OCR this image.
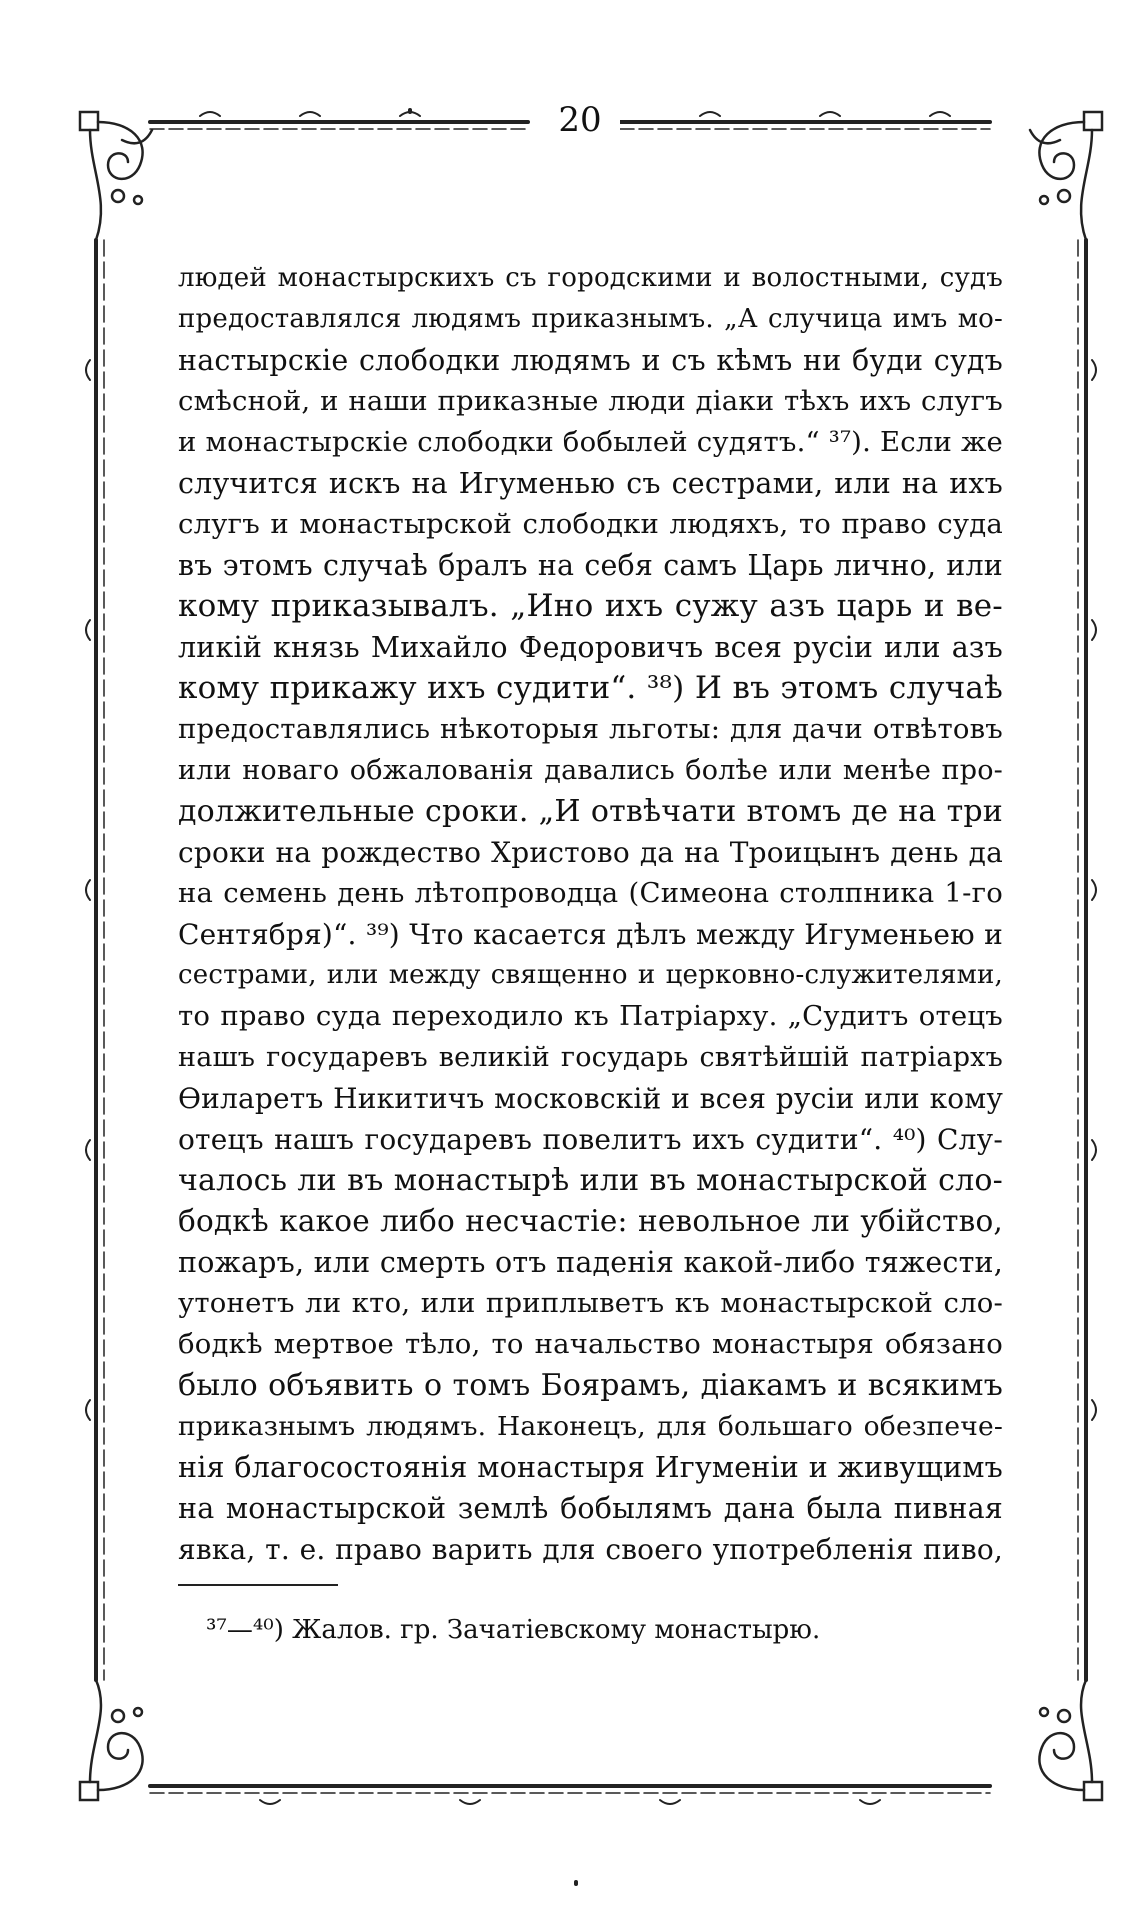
20
людей монастырскихъ съ городскими и волостными, судъ
предоставлялся людямъ приказнымъ. „А случица имъ мо-
настырскіе слободки людямъ и съ кѣмъ ни буди судъ
смѣсной, и наши приказные люди діаки тѣхъ ихъ слугъ
и монастырскіе слободки бобылей судятъ.“ ³⁷). Если же
случится искъ на Игуменью съ сестрами, или на ихъ
слугъ и монастырской слободки людяхъ, то право суда
въ этомъ случаѣ бралъ на себя самъ Царь лично, или
кому приказывалъ. „Ино ихъ сужу азъ царь и ве-
ликій князь Михайло Федоровичъ всея русіи или азъ
кому прикажу ихъ судити“. ³⁸) И въ этомъ случаѣ
предоставлялись нѣкоторыя льготы: для дачи отвѣтовъ
или новаго обжалованія давались болѣе или менѣе про-
должительные сроки. „И отвѣчати втомъ де на три
сроки на рождество Христово да на Троицынъ день да
на семень день лѣтопроводца (Симеона столпника 1-го
Сентября)“. ³⁹) Что касается дѣлъ между Игуменьею и
сестрами, или между священно и церковно-служителями,
то право суда переходило къ Патріарху. „Судитъ отецъ
нашъ государевъ великій государь святѣйшій патріархъ
Ѳиларетъ Никитичъ московскій и всея русіи или кому
отецъ нашъ государевъ повелитъ ихъ судити“. ⁴⁰) Слу-
чалось ли въ монастырѣ или въ монастырской сло-
бодкѣ какое либо несчастіе: невольное ли убійство,
пожаръ, или смерть отъ паденія какой-либо тяжести,
утонетъ ли кто, или приплыветъ къ монастырской сло-
бодкѣ мертвое тѣло, то начальство монастыря обязано
было объявить о томъ Боярамъ, діакамъ и всякимъ
приказнымъ людямъ. Наконецъ, для большаго обезпече-
нія благосостоянія монастыря Игуменіи и живущимъ
на монастырской землѣ бобылямъ дана была пивная
явка, т. е. право варить для своего употребленія пиво,
³⁷—⁴⁰) Жалов. гр. Зачатіевскому монастырю.
